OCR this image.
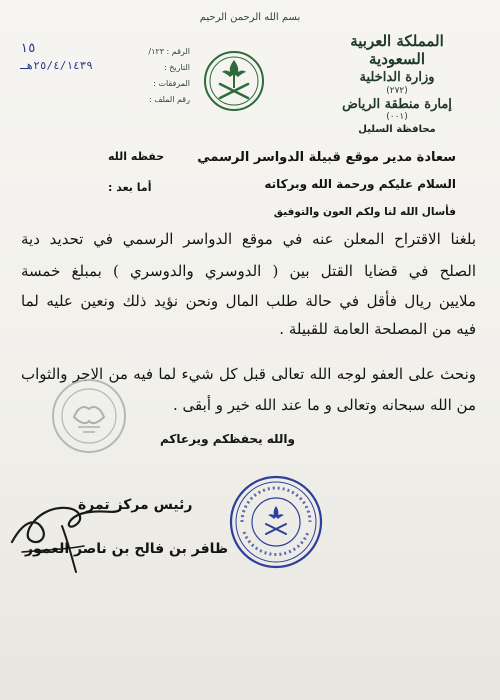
المملكة العربية السعودية
وزارة الداخلية
(٢٧٢)
إمارة منطقة الرياض
(٠٠١)
محافظة السليل
بسم الله الرحمن الرحيم
الرقم : ١٢٣/
١٥
التاريخ :
٢٥/٤/١٤٣٩هـ
المرفقات :
رقم الملف :
سعادة مدير موقع قبيلة الدواسر الرسمي
حفظه الله
السلام عليكم ورحمة الله وبركاته
أما بعد :
فأسال الله لنا ولكم العون والتوفيق
بلغنا الاقتراح المعلن عنه في موقع الدواسر الرسمي في تحديد دية
الصلح في قضايا القتل بين ( الدوسري والدوسري ) بمبلغ خمسة
ملايين ريال فأقل في حالة طلب المال ونحن نؤيد ذلك ونعين عليه لما
فيه من المصلحة العامة للقبيلة .
ونحث على العفو لوجه الله تعالى قبل كل شيء لما فيه من الاجر والثواب
من الله سبحانه وتعالى و ما عند الله خير و أبقى .
والله يحفظكم ويرعاكم
رئيس مركز تمرة
ظافر بن فالح بن ناصر العمور
